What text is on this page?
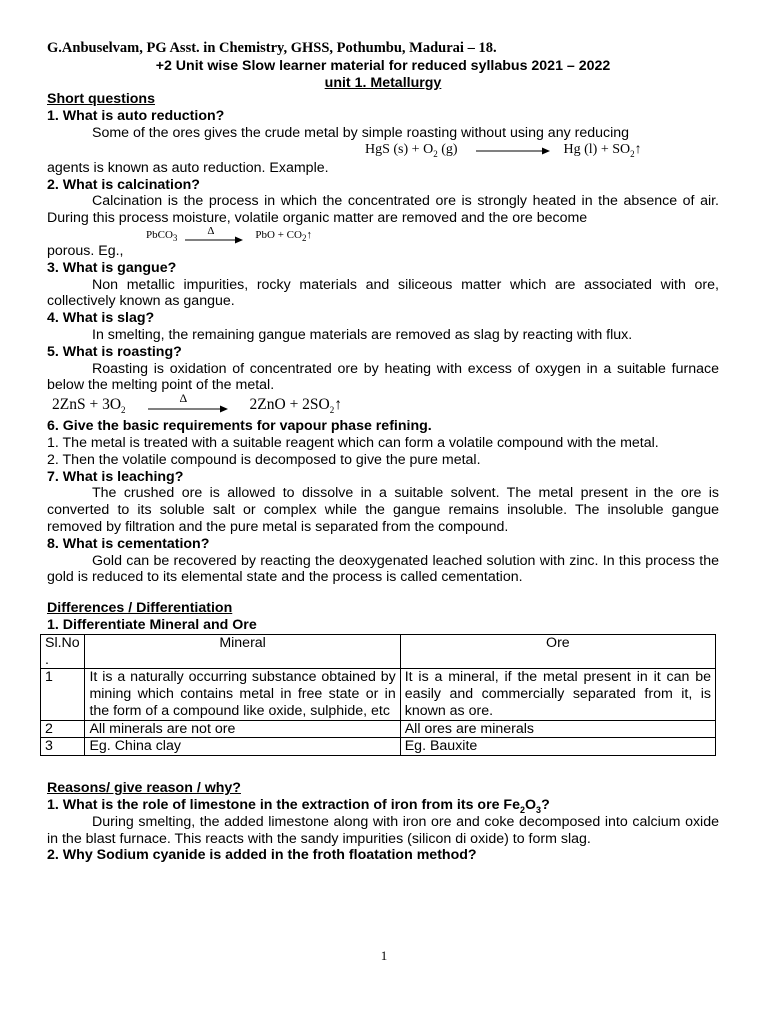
G.Anbuselvam, PG Asst. in Chemistry, GHSS, Pothumbu, Madurai – 18.

+2 Unit wise Slow learner material for reduced syllabus 2021 – 2022

unit 1. Metallurgy

Short questions

1. What is auto reduction?

Some of the ores gives the crude metal by simple roasting without using any reducing

HgS $(s) + O_2$ (g)	Hg $(l) + SO_2↑$

agents is known as auto reduction. Example.

2. What is calcination?

Calcination is the process in which the concentrated ore is strongly heated in the absence of air. During this process moisture, volatile organic matter are removed and the ore become

PbCO$_3$
Δ	PbO + $CO_2↑$

porous. Eg.,

3. What is gangue?

Non metallic impurities, rocky materials and siliceous matter which are associated with ore, collectively known as gangue.

4. What is slag?

In smelting, the remaining gangue materials are removed as slag by reacting with flux.

5. What is roasting?

Roasting is oxidation of concentrated ore by heating with excess of oxygen in a suitable furnace below the melting point of the metal.

$2ZnS + 3O_2$
Δ	$2ZnO + 2SO_2↑$

6. Give the basic requirements for vapour phase refining.

1. The metal is treated with a suitable reagent which can form a volatile compound with the metal.

2. Then the volatile compound is decomposed to give the pure metal.

7. What is leaching?

The crushed ore is allowed to dissolve in a suitable solvent. The metal present in the ore is converted to its soluble salt or complex while the gangue remains insoluble. The insoluble gangue removed by filtration and the pure metal is separated from the compound.

8. What is cementation?

Gold can be recovered by reacting the deoxygenated leached solution with zinc. In this process the gold is reduced to its elemental state and the process is called cementation.

Differences / Differentiation

1. Differentiate Mineral and Ore

Sl.No
.	Mineral	Ore
1	It is a naturally occurring substance obtained by mining which contains metal in free state or in the form of a compound like oxide, sulphide, etc	It is a mineral, if the metal present in it can be easily and commercially separated from it, is known as ore.
2	All minerals are not ore	All ores are minerals
3	Eg. China clay	Eg. Bauxite

Reasons/ give reason / why?

1. What is the role of limestone in the extraction of iron from its ore $Fe_2O_3$?

During smelting, the added limestone along with iron ore and coke decomposed into calcium oxide in the blast furnace. This reacts with the sandy impurities (silicon di oxide) to form slag.

2. Why Sodium cyanide is added in the froth floatation method?

1
